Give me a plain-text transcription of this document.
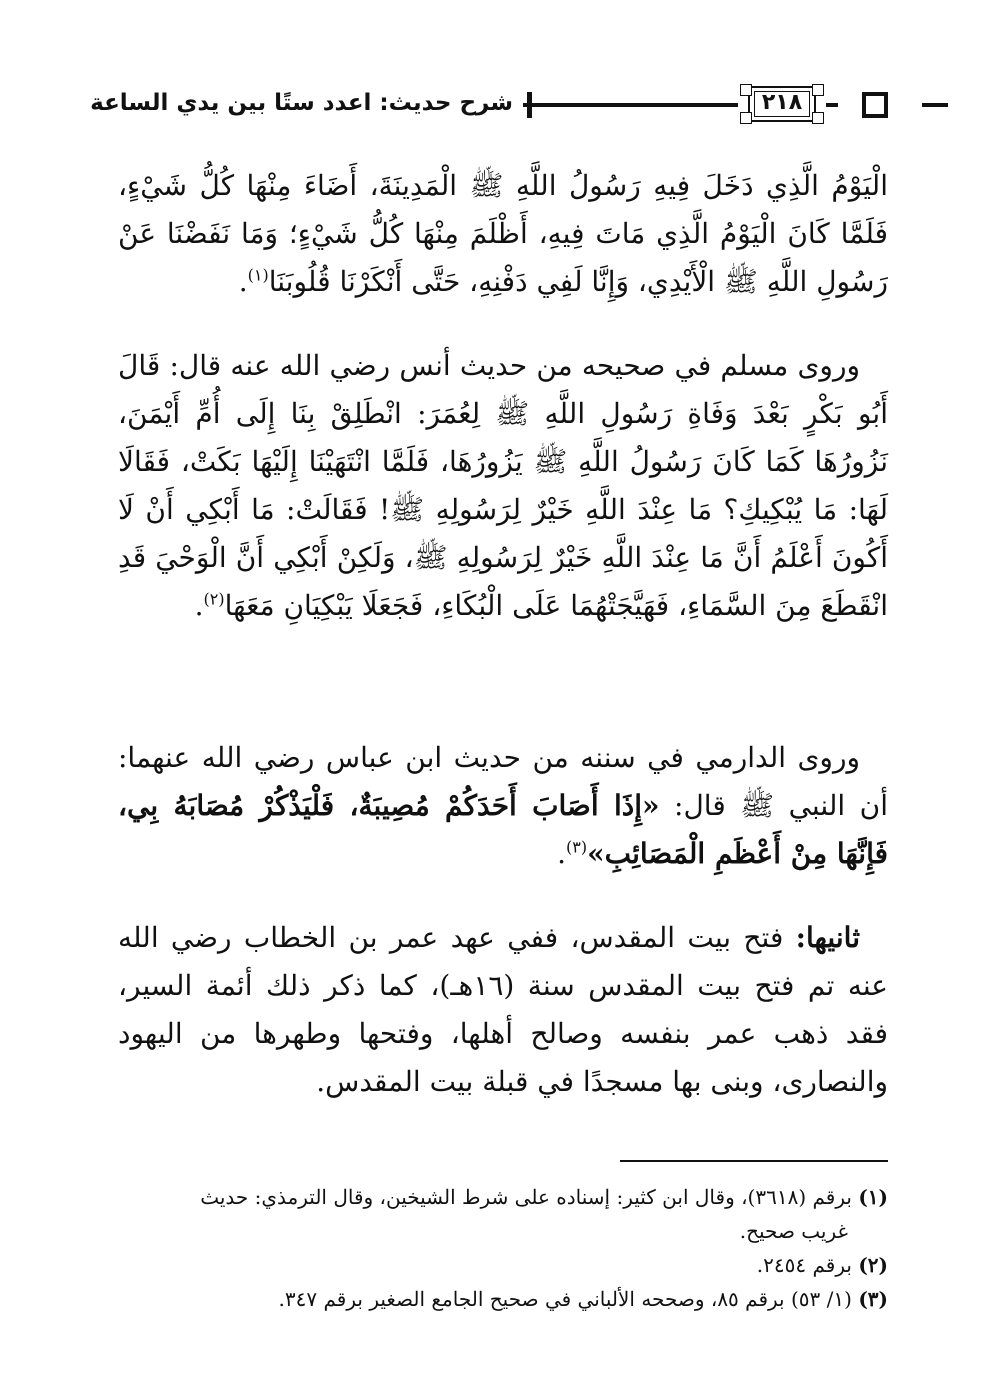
شرح حديث: اعدد ستًا بين يدي الساعة	٢١٨

الْيَوْمُ الَّذِي دَخَلَ فِيهِ رَسُولُ اللَّهِ ﷺ الْمَدِينَةَ، أَضَاءَ مِنْهَا كُلُّ شَيْءٍ، فَلَمَّا كَانَ الْيَوْمُ الَّذِي مَاتَ فِيهِ، أَظْلَمَ مِنْهَا كُلُّ شَيْءٍ؛ وَمَا نَفَضْنَا عَنْ رَسُولِ اللَّهِ ﷺ الْأَيْدِي، وَإِنَّا لَفِي دَفْنِهِ، حَتَّى أَنْكَرْنَا قُلُوبَنَا$^{(١)}$.

وروى مسلم في صحيحه من حديث أنس رضي الله عنه قال: قَالَ أَبُو بَكْرٍ بَعْدَ وَفَاةِ رَسُولِ اللَّهِ ﷺ لِعُمَرَ: انْطَلِقْ بِنَا إِلَى أُمِّ أَيْمَنَ، نَزُورُهَا كَمَا كَانَ رَسُولُ اللَّهِ ﷺ يَزُورُهَا، فَلَمَّا انْتَهَيْنَا إِلَيْهَا بَكَتْ، فَقَالَا لَهَا: مَا يُبْكِيكِ؟ مَا عِنْدَ اللَّهِ خَيْرٌ لِرَسُولِهِ ﷺ! فَقَالَتْ: مَا أَبْكِي أَنْ لَا أَكُونَ أَعْلَمُ أَنَّ مَا عِنْدَ اللَّهِ خَيْرٌ لِرَسُولِهِ ﷺ، وَلَكِنْ أَبْكِي أَنَّ الْوَحْيَ قَدِ انْقَطَعَ مِنَ السَّمَاءِ، فَهَيَّجَتْهُمَا عَلَى الْبُكَاءِ، فَجَعَلَا يَبْكِيَانِ مَعَهَا$^{(٢)}$.

وروى الدارمي في سننه من حديث ابن عباس رضي الله عنهما: أن النبي ﷺ قال: «إِذَا أَصَابَ أَحَدَكُمْ مُصِيبَةٌ، فَلْيَذْكُرْ مُصَابَهُ بِي، فَإِنَّهَا مِنْ أَعْظَمِ الْمَصَائِبِ»$^{(٣)}$.

ثانيها: فتح بيت المقدس، ففي عهد عمر بن الخطاب رضي الله عنه تم فتح بيت المقدس سنة (١٦هـ)، كما ذكر ذلك أئمة السير، فقد ذهب عمر بنفسه وصالح أهلها، وفتحها وطهرها من اليهود والنصارى، وبنى بها مسجدًا في قبلة بيت المقدس.

(١) برقم (٣٦١٨)، وقال ابن كثير: إسناده على شرط الشيخين، وقال الترمذي: حديث
غريب صحيح.
(٢) برقم ٢٤٥٤.
(٣) (١/ ٥٣) برقم ٨٥، وصححه الألباني في صحيح الجامع الصغير برقم ٣٤٧.
